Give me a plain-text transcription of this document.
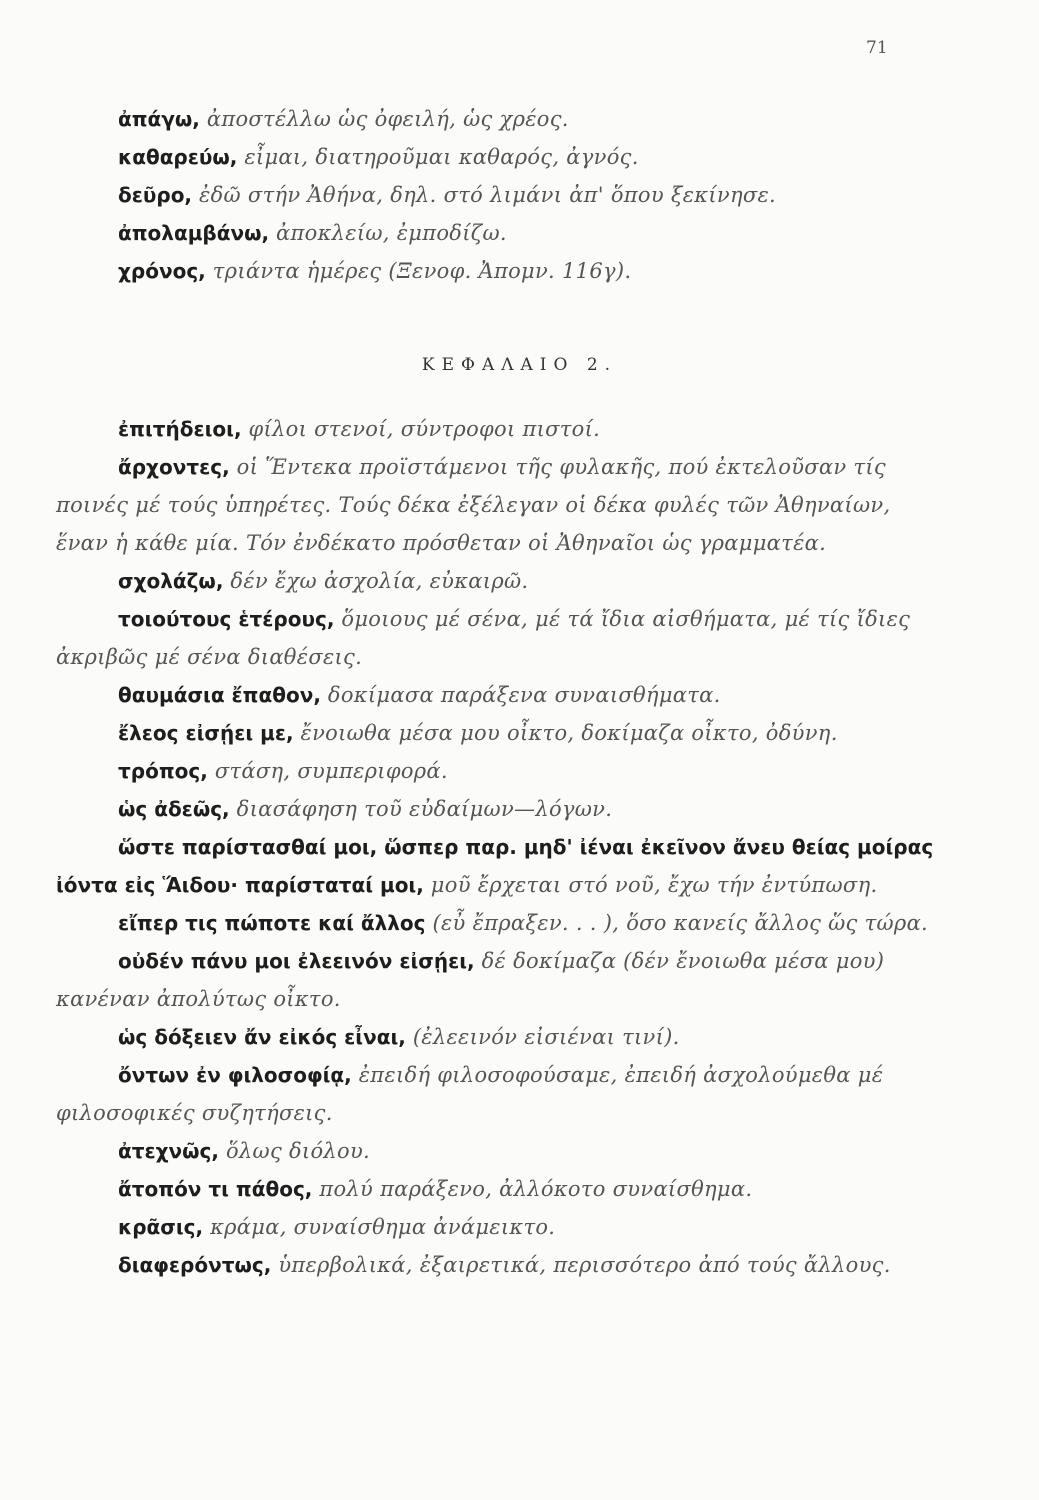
71

ἀπάγω, ἀποστέλλω ὡς ὀφειλή, ὡς χρέος.

καθαρεύω, εἶμαι, διατηροῦμαι καθαρός, ἀγνός.

δεῦρο, ἐδῶ στήν Ἀθήνα, δηλ. στό λιμάνι ἀπ' ὅπου ξεκίνησε.

ἀπολαμβάνω, ἀποκλείω, ἐμποδίζω.

χρόνος, τριάντα ἡμέρες (Ξενοφ. Ἀπομν. 116γ).

ΚΕΦΑΛΑΙΟ 2.

ἐπιτήδειοι, φίλοι στενοί, σύντροφοι πιστοί.

ἄρχοντες, οἱ Ἕντεκα προϊστάμενοι τῆς φυλακῆς, πού ἐκτελοῦσαν τίς ποινές μέ τούς ὑπηρέτες. Τούς δέκα ἐξέλεγαν οἱ δέκα φυλές τῶν Ἀθηναίων, ἕναν ἡ κάθε μία. Τόν ἐνδέκατο πρόσθεταν οἱ Ἀθηναῖοι ὡς γραμματέα.

σχολάζω, δέν ἔχω ἀσχολία, εὐκαιρῶ.

τοιούτους ἑτέρους, ὅμοιους μέ σένα, μέ τά ἴδια αἰσθήματα, μέ τίς ἴδιες ἀκριβῶς μέ σένα διαθέσεις.

θαυμάσια ἔπαθον, δοκίμασα παράξενα συναισθήματα.

ἔλεος εἰσῄει με, ἔνοιωθα μέσα μου οἶκτο, δοκίμαζα οἶκτο, ὀδύνη.

τρόπος, στάση, συμπεριφορά.

ὡς ἀδεῶς, διασάφηση τοῦ εὐδαίμων—λόγων.

ὥστε παρίστασθαί μοι, ὥσπερ παρ. μηδ' ἰέναι ἐκεῖνον ἄνευ θείας μοίρας ἰόντα εἰς Ἅιδου· παρίσταταί μοι, μοῦ ἔρχεται στό νοῦ, ἔχω τήν ἐντύπωση.

εἴπερ τις πώποτε καί ἄλλος (εὖ ἔπραξεν. . . ), ὅσο κανείς ἄλλος ὥς τώρα.

οὐδέν πάνυ μοι ἐλεεινόν εἰσῄει, δέ δοκίμαζα (δέν ἔνοιωθα μέσα μου) κανέναν ἀπολύτως οἶκτο.

ὡς δόξειεν ἄν εἰκός εἶναι, (ἐλεεινόν εἰσιέναι τινί).

ὄντων ἐν φιλοσοφίᾳ, ἐπειδή φιλοσοφούσαμε, ἐπειδή ἀσχολούμεθα μέ φιλοσοφικές συζητήσεις.

ἀτεχνῶς, ὅλως διόλου.

ἄτοπόν τι πάθος, πολύ παράξενο, ἀλλόκοτο συναίσθημα.

κρᾶσις, κράμα, συναίσθημα ἀνάμεικτο.

διαφερόντως, ὑπερβολικά, ἐξαιρετικά, περισσότερο ἀπό τούς ἄλλους.
